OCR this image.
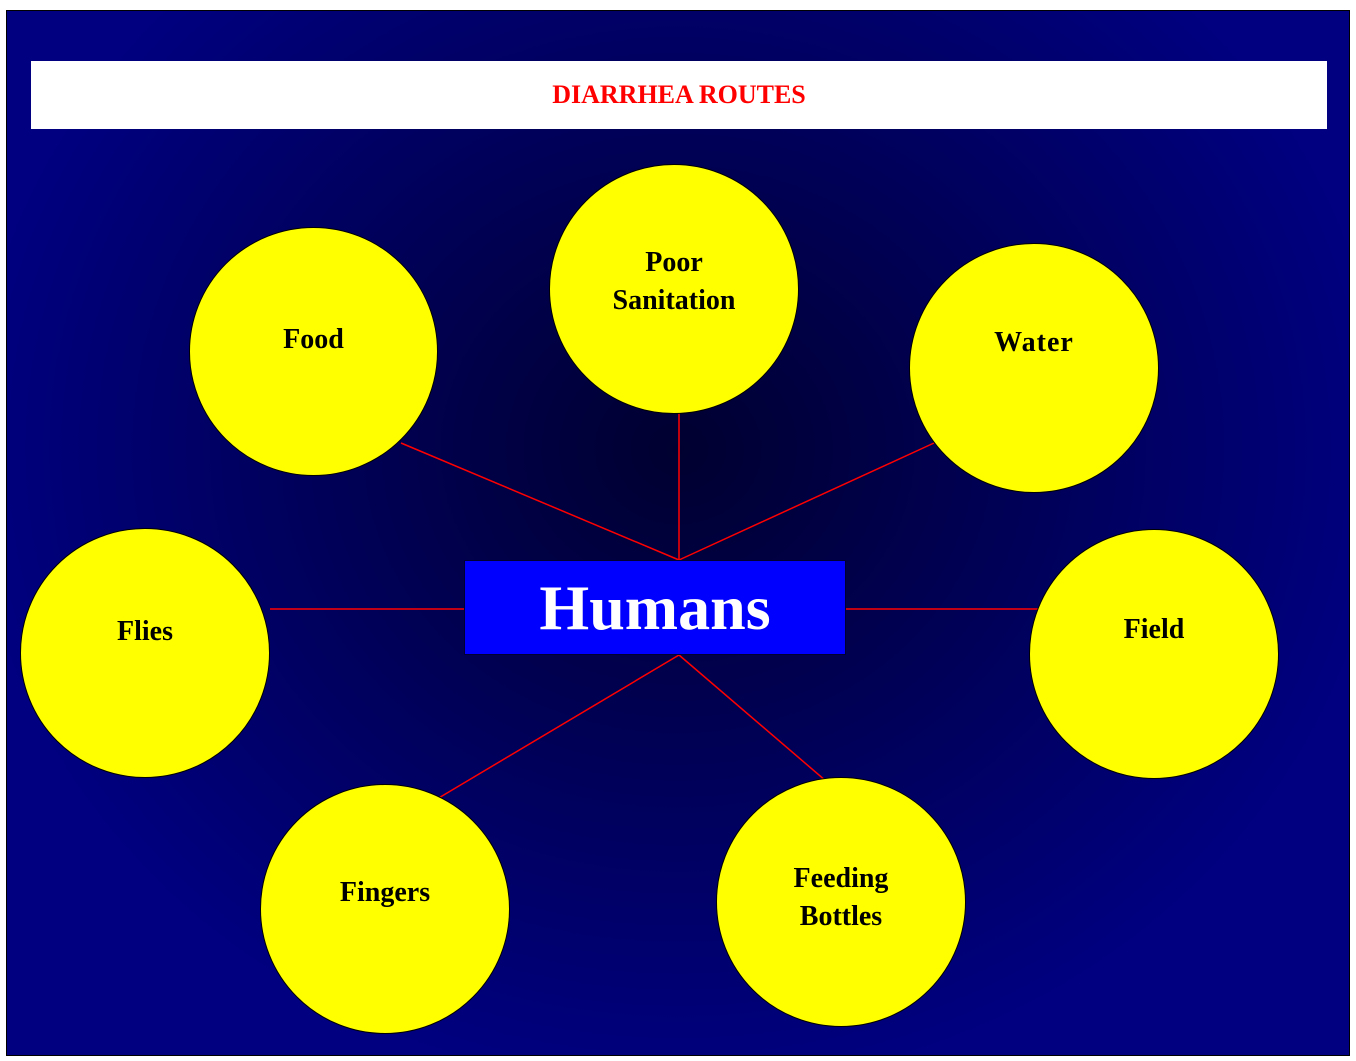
DIARRHEA ROUTES
Food
Poor
Sanitation
Water
Flies	Field
Fingers	Feeding
Bottles
Humans
